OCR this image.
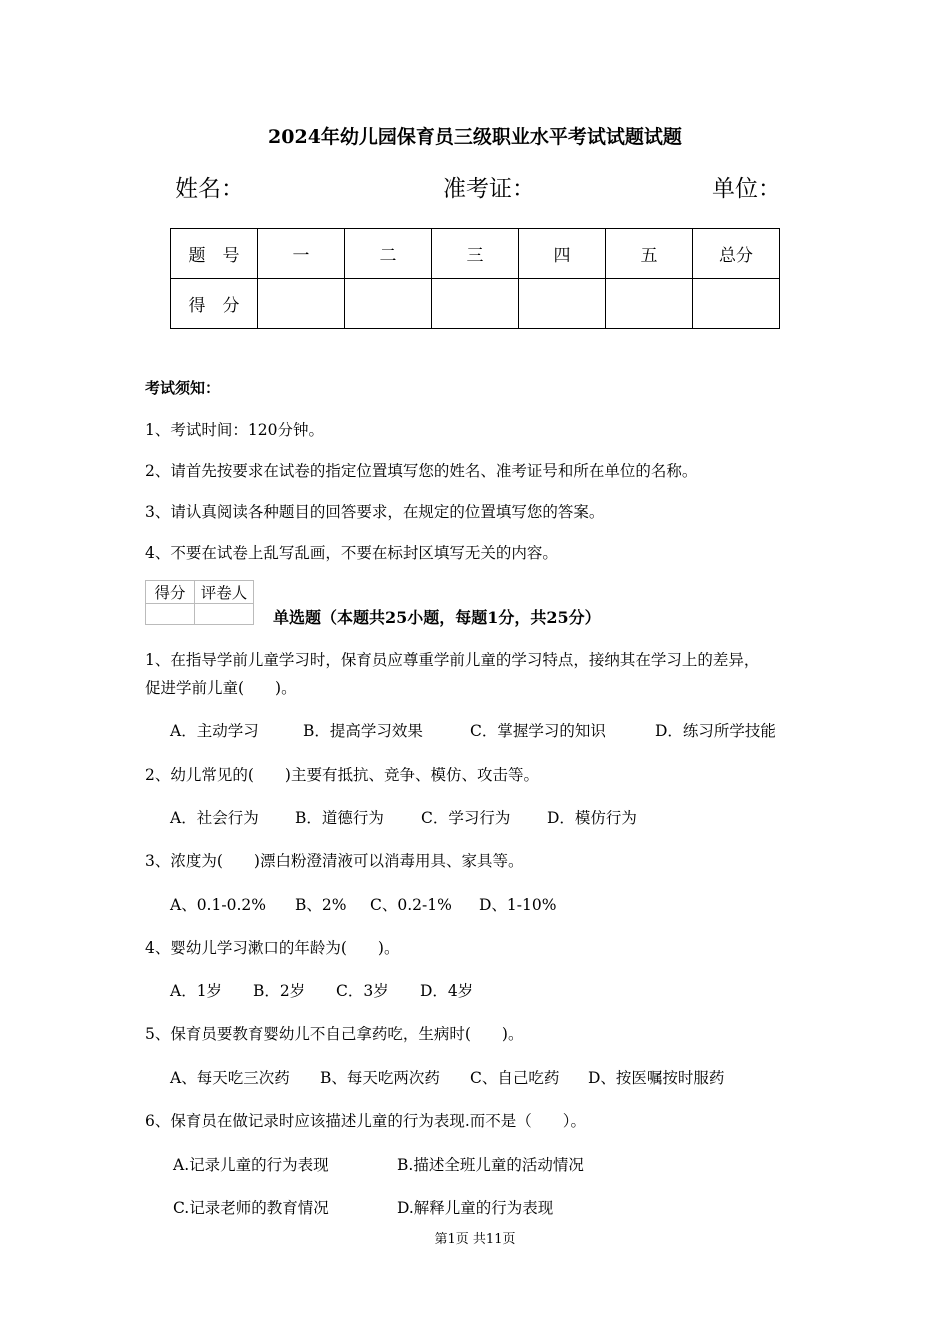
2024年幼儿园保育员三级职业水平考试试题试题
姓名：	准考证：	单位：
题　号	一	二	三	四	五	总分
得　分						
考试须知：
1、考试时间：120分钟。
2、请首先按要求在试卷的指定位置填写您的姓名、准考证号和所在单位的名称。
3、请认真阅读各种题目的回答要求，在规定的位置填写您的答案。
4、不要在试卷上乱写乱画，不要在标封区填写无关的内容。
得分	评卷人

单选题（本题共25小题，每题1分，共25分）
1、在指导学前儿童学习时，保育员应尊重学前儿童的学习特点，接纳其在学习上的差异，
促进学前儿童(　　)。
A．主动学习	B．提高学习效果	C．掌握学习的知识	D．练习所学技能
2、幼儿常见的(　　)主要有抵抗、竞争、模仿、攻击等。
A．社会行为 B．道德行为 C．学习行为 D．模仿行为
3、浓度为(　　)漂白粉澄清液可以消毒用具、家具等。
A、0.1-0.2% B、2% C、0.2-1% D、1-10%
4、婴幼儿学习漱口的年龄为(　　)。
A．1岁 B．2岁 C．3岁 D．4岁
5、保育员要教育婴幼儿不自己拿药吃，生病时(　　)。
A、每天吃三次药 B、每天吃两次药 C、自己吃药 D、按医嘱按时服药
6、保育员在做记录时应该描述儿童的行为表现.而不是（　　）。
A.记录儿童的行为表现	B.描述全班儿童的活动情况
C.记录老师的教育情况	D.解释儿童的行为表现
第1页 共11页
